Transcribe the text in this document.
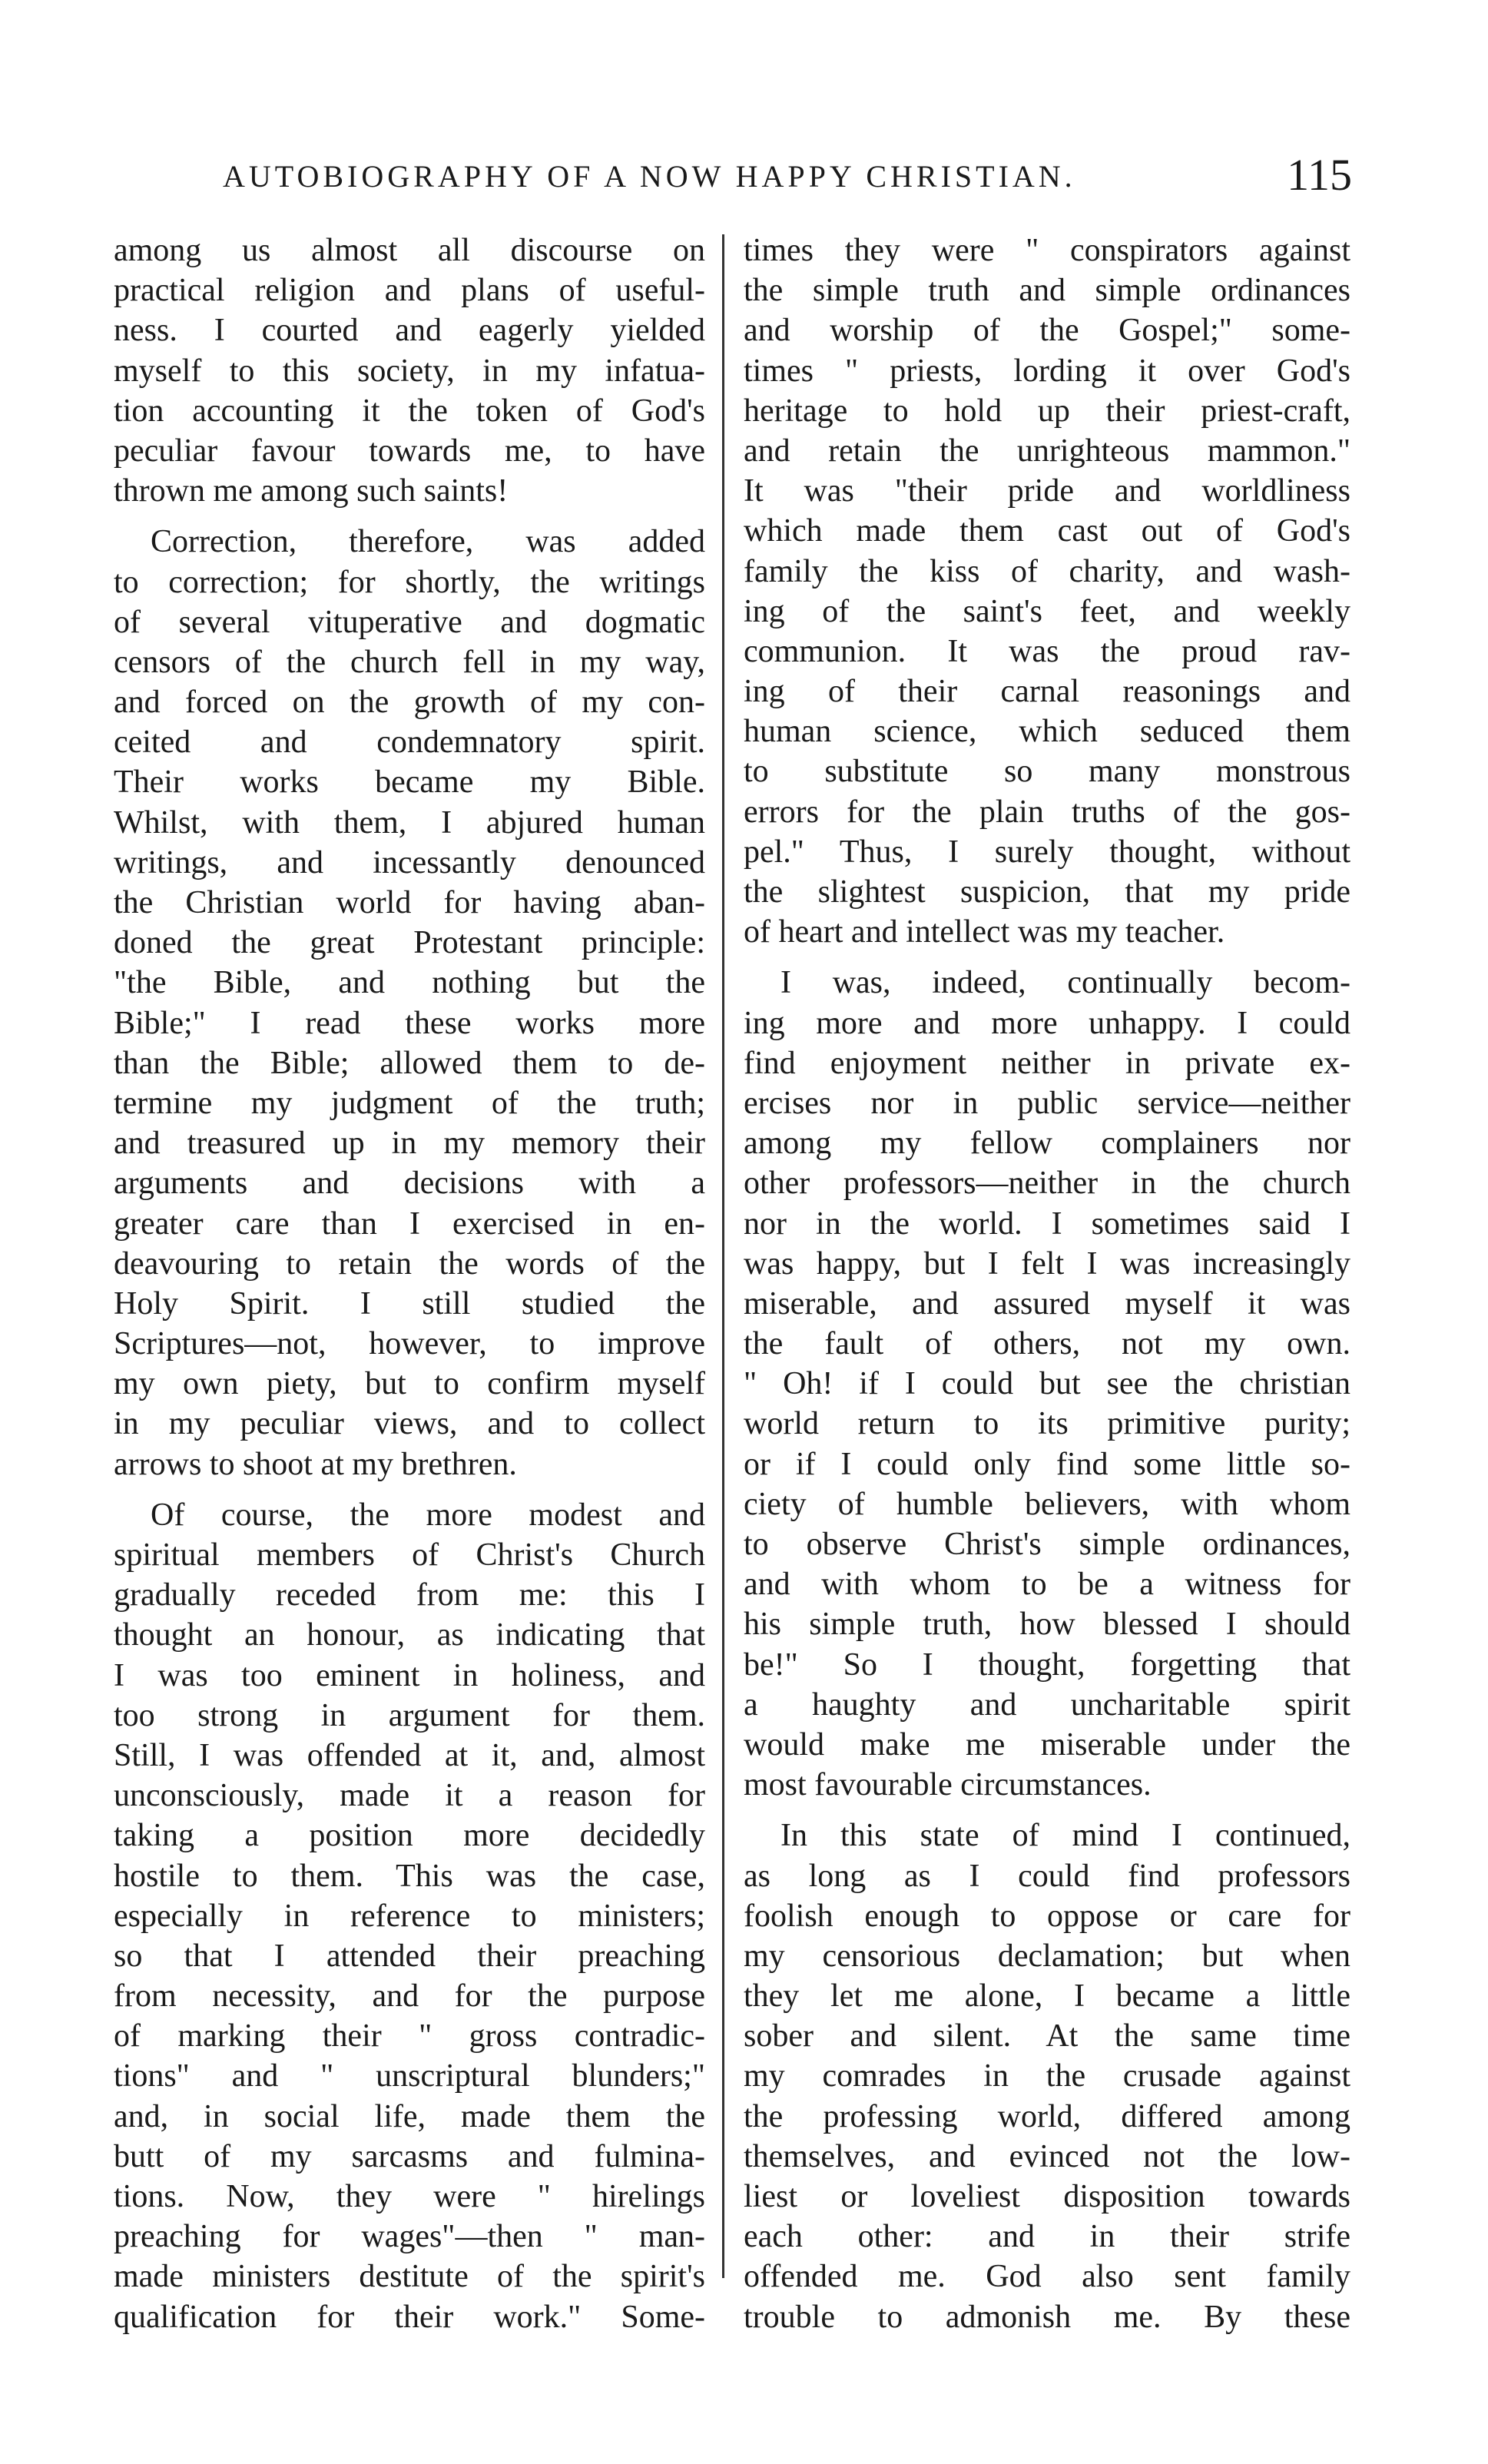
AUTOBIOGRAPHY OF A NOW HAPPY CHRISTIAN.	115
among us almost all discourse on
practical religion and plans of useful-
ness. I courted and eagerly yielded
myself to this society, in my infatua-
tion accounting it the token of God's
peculiar favour towards me, to have
thrown me among such saints!
Correction, therefore, was added
to correction; for shortly, the writings
of several vituperative and dogmatic
censors of the church fell in my way,
and forced on the growth of my con-
ceited and condemnatory spirit.
Their works became my Bible.
Whilst, with them, I abjured human
writings, and incessantly denounced
the Christian world for having aban-
doned the great Protestant principle:
"the Bible, and nothing but the
Bible;" I read these works more
than the Bible; allowed them to de-
termine my judgment of the truth;
and treasured up in my memory their
arguments and decisions with a
greater care than I exercised in en-
deavouring to retain the words of the
Holy Spirit. I still studied the
Scriptures—not, however, to improve
my own piety, but to confirm myself
in my peculiar views, and to collect
arrows to shoot at my brethren.
Of course, the more modest and
spiritual members of Christ's Church
gradually receded from me: this I
thought an honour, as indicating that
I was too eminent in holiness, and
too strong in argument for them.
Still, I was offended at it, and, almost
unconsciously, made it a reason for
taking a position more decidedly
hostile to them. This was the case,
especially in reference to ministers;
so that I attended their preaching
from necessity, and for the purpose
of marking their " gross contradic-
tions" and " unscriptural blunders;"
and, in social life, made them the
butt of my sarcasms and fulmina-
tions. Now, they were " hirelings
preaching for wages"—then " man-
made ministers destitute of the spirit's
qualification for their work." Some-
times they were " conspirators against
the simple truth and simple ordinances
and worship of the Gospel;" some-
times " priests, lording it over God's
heritage to hold up their priest-craft,
and retain the unrighteous mammon."
It was "their pride and worldliness
which made them cast out of God's
family the kiss of charity, and wash-
ing of the saint's feet, and weekly
communion. It was the proud rav-
ing of their carnal reasonings and
human science, which seduced them
to substitute so many monstrous
errors for the plain truths of the gos-
pel." Thus, I surely thought, without
the slightest suspicion, that my pride
of heart and intellect was my teacher.
I was, indeed, continually becom-
ing more and more unhappy. I could
find enjoyment neither in private ex-
ercises nor in public service—neither
among my fellow complainers nor
other professors—neither in the church
nor in the world. I sometimes said I
was happy, but I felt I was increasingly
miserable, and assured myself it was
the fault of others, not my own.
" Oh! if I could but see the christian
world return to its primitive purity;
or if I could only find some little so-
ciety of humble believers, with whom
to observe Christ's simple ordinances,
and with whom to be a witness for
his simple truth, how blessed I should
be!" So I thought, forgetting that
a haughty and uncharitable spirit
would make me miserable under the
most favourable circumstances.
In this state of mind I continued,
as long as I could find professors
foolish enough to oppose or care for
my censorious declamation; but when
they let me alone, I became a little
sober and silent. At the same time
my comrades in the crusade against
the professing world, differed among
themselves, and evinced not the low-
liest or loveliest disposition towards
each other: and in their strife
offended me. God also sent family
trouble to admonish me. By these
